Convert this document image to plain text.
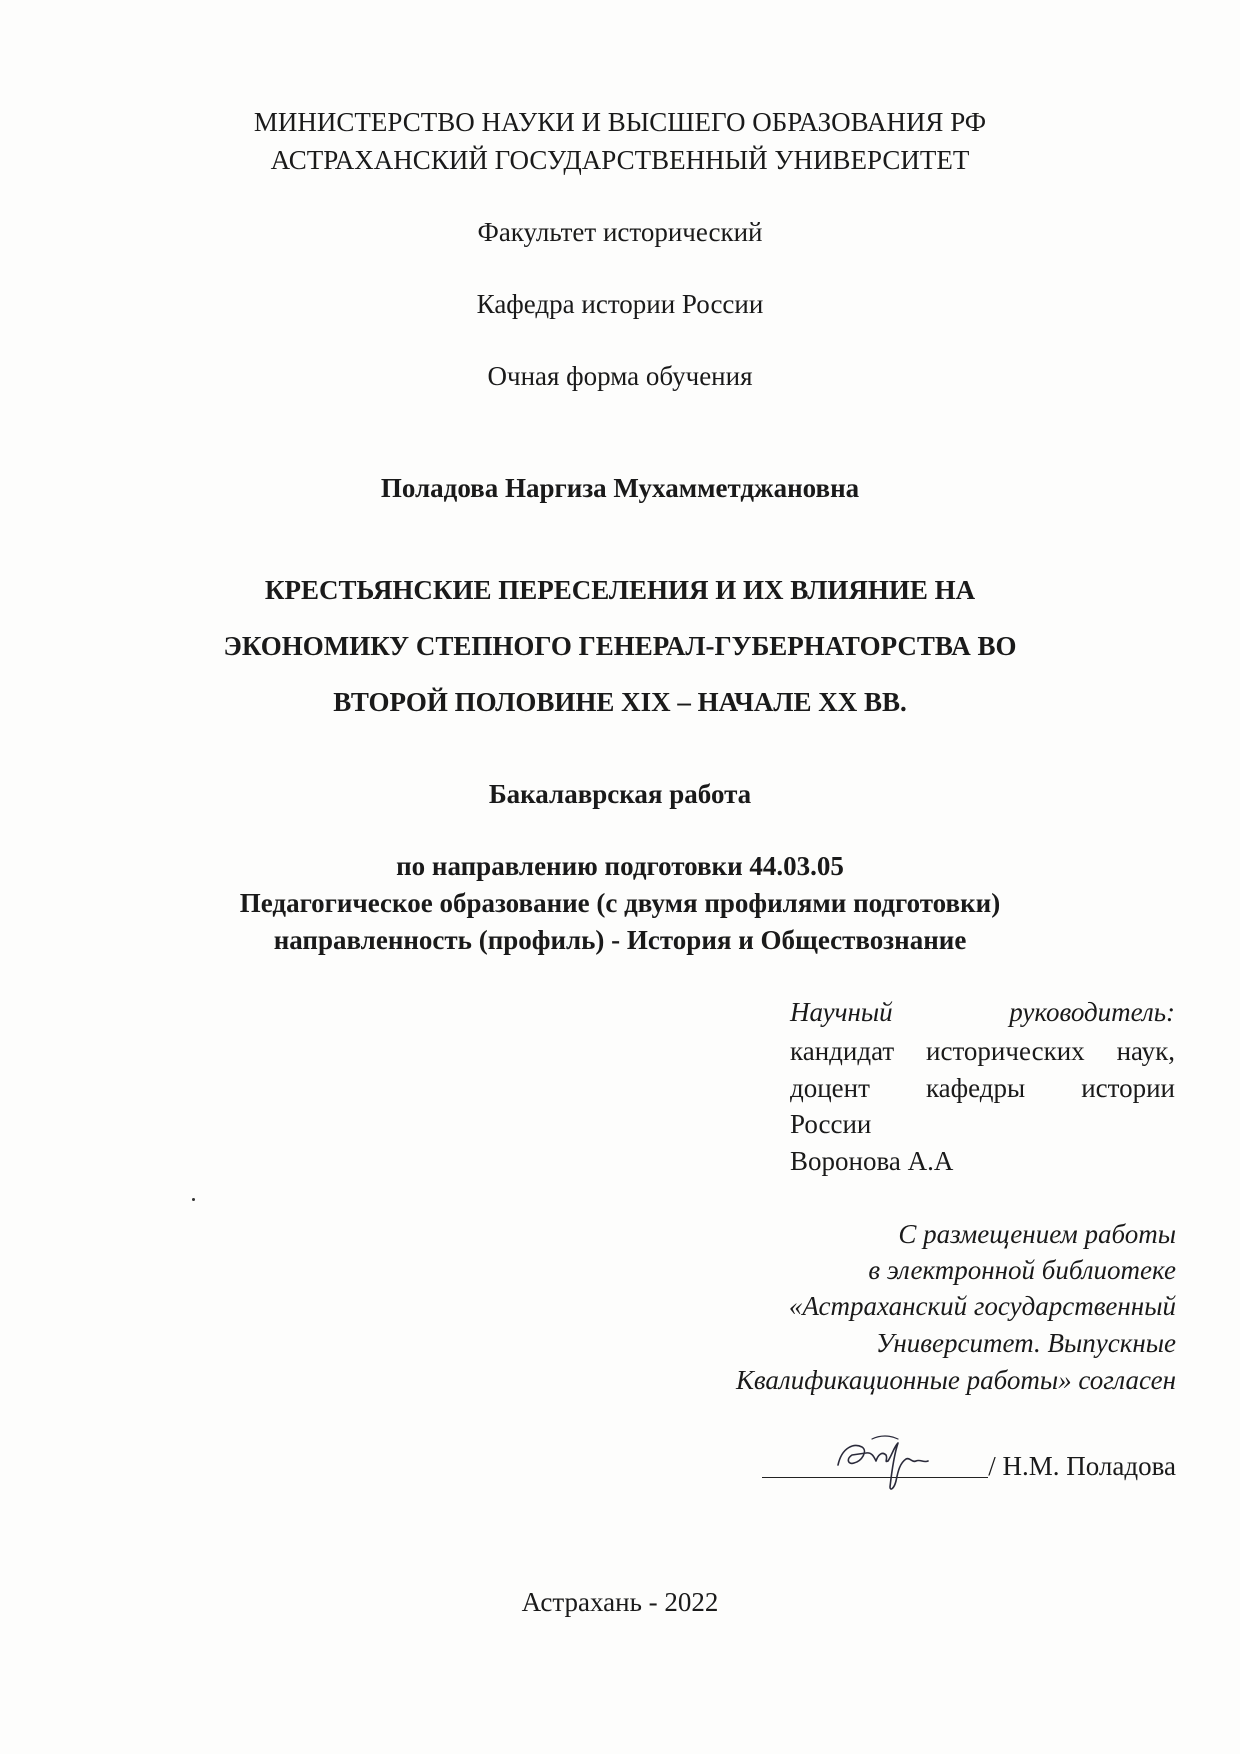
МИНИСТЕРСТВО НАУКИ И ВЫСШЕГО ОБРАЗОВАНИЯ РФ
АСТРАХАНСКИЙ ГОСУДАРСТВЕННЫЙ УНИВЕРСИТЕТ
Факультет исторический
Кафедра истории России
Очная форма обучения
Поладова Наргиза Мухамметджановна
КРЕСТЬЯНСКИЕ ПЕРЕСЕЛЕНИЯ И ИХ ВЛИЯНИЕ НА
ЭКОНОМИКУ СТЕПНОГО ГЕНЕРАЛ-ГУБЕРНАТОРСТВА ВО
ВТОРОЙ ПОЛОВИНЕ XIX – НАЧАЛЕ XX ВВ.
Бакалаврская работа
по направлению подготовки 44.03.05
Педагогическое образование (с двумя профилями подготовки)
направленность (профиль) - История и Обществознание
Научный	руководитель:
кандидат исторических наук,
доцент кафедры истории
России
Воронова А.А
С размещением работы
в электронной библиотеке
«Астраханский государственный
Университет. Выпускные
Квалификационные работы» согласен
/ Н.М. Поладова
Астрахань - 2022
